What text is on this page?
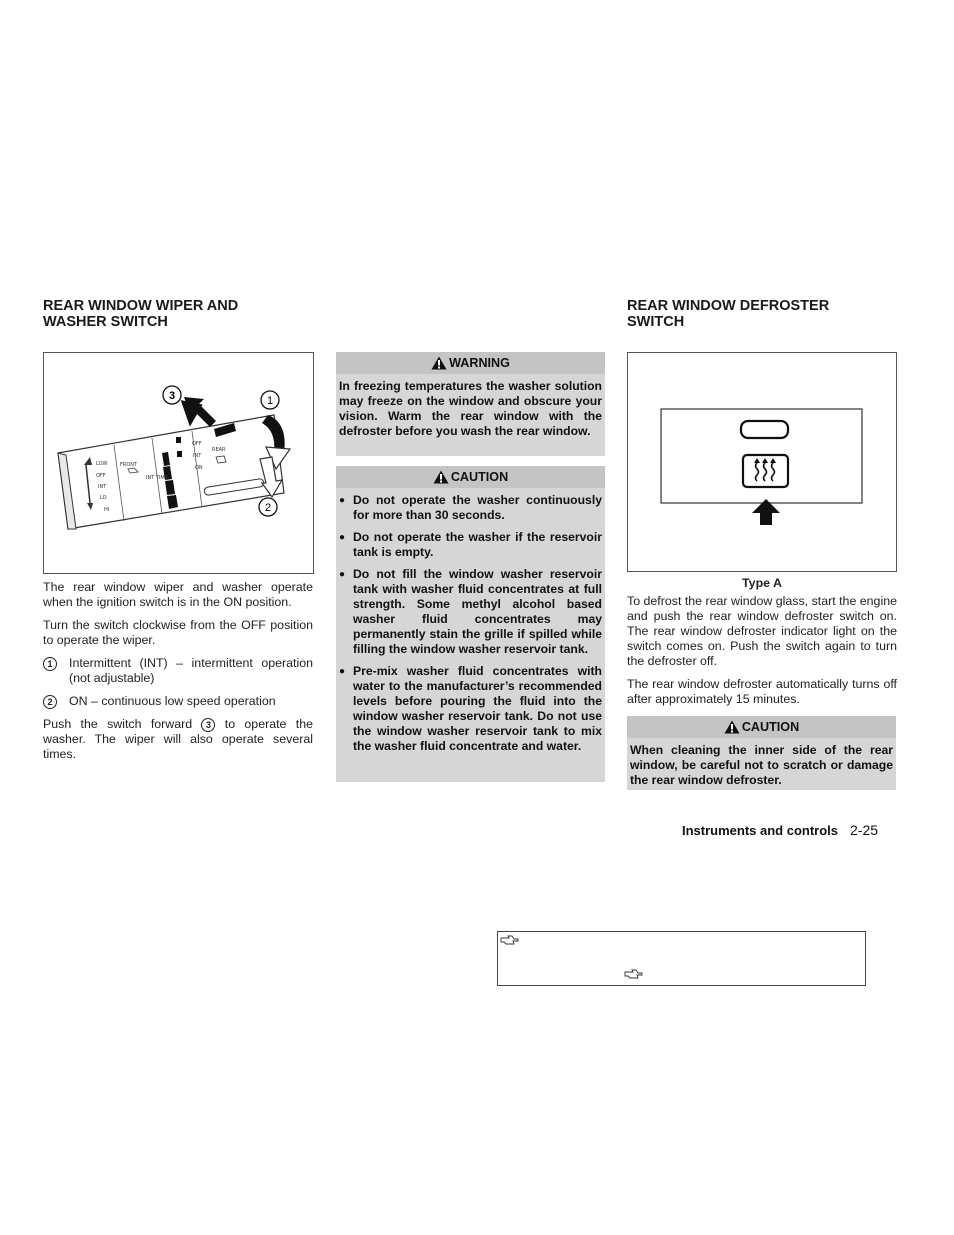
REAR WINDOW WIPER AND
WASHER SWITCH
LOW
OFF
INT
LO
HI
FRONT
INT TIME
OFF
INT
ON
REAR
3	1
2

The rear window wiper and washer operate when the ignition switch is in the ON position.

Turn the switch clockwise from the OFF position to operate the wiper.

1	Intermittent (INT) – intermittent operation (not adjustable)
2	ON – continuous low speed operation

Push the switch forward 3 to operate the washer. The wiper will also operate several times.

WARNING
In freezing temperatures the washer solution may freeze on the window and obscure your vision. Warm the rear window with the defroster before you wash the rear window.
CAUTION
● Do not operate the washer continuously for more than 30 seconds.
● Do not operate the washer if the reservoir tank is empty.
● Do not fill the window washer reservoir tank with washer fluid concentrates at full strength. Some methyl alcohol based washer fluid concentrates may permanently stain the grille if spilled while filling the window washer reservoir tank.
● Pre-mix washer fluid concentrates with water to the manufacturer’s recommended levels before pouring the fluid into the window washer reservoir tank. Do not use the window washer reservoir tank to mix the washer fluid concentrate and water.
REAR WINDOW DEFROSTER
SWITCH
Type A

To defrost the rear window glass, start the engine and push the rear window defroster switch on. The rear window defroster indicator light on the switch comes on. Push the switch again to turn the defroster off.

The rear window defroster automatically turns off after approximately 15 minutes.

CAUTION
When cleaning the inner side of the rear window, be careful not to scratch or damage the rear window defroster.
Instruments and controls 2-25
